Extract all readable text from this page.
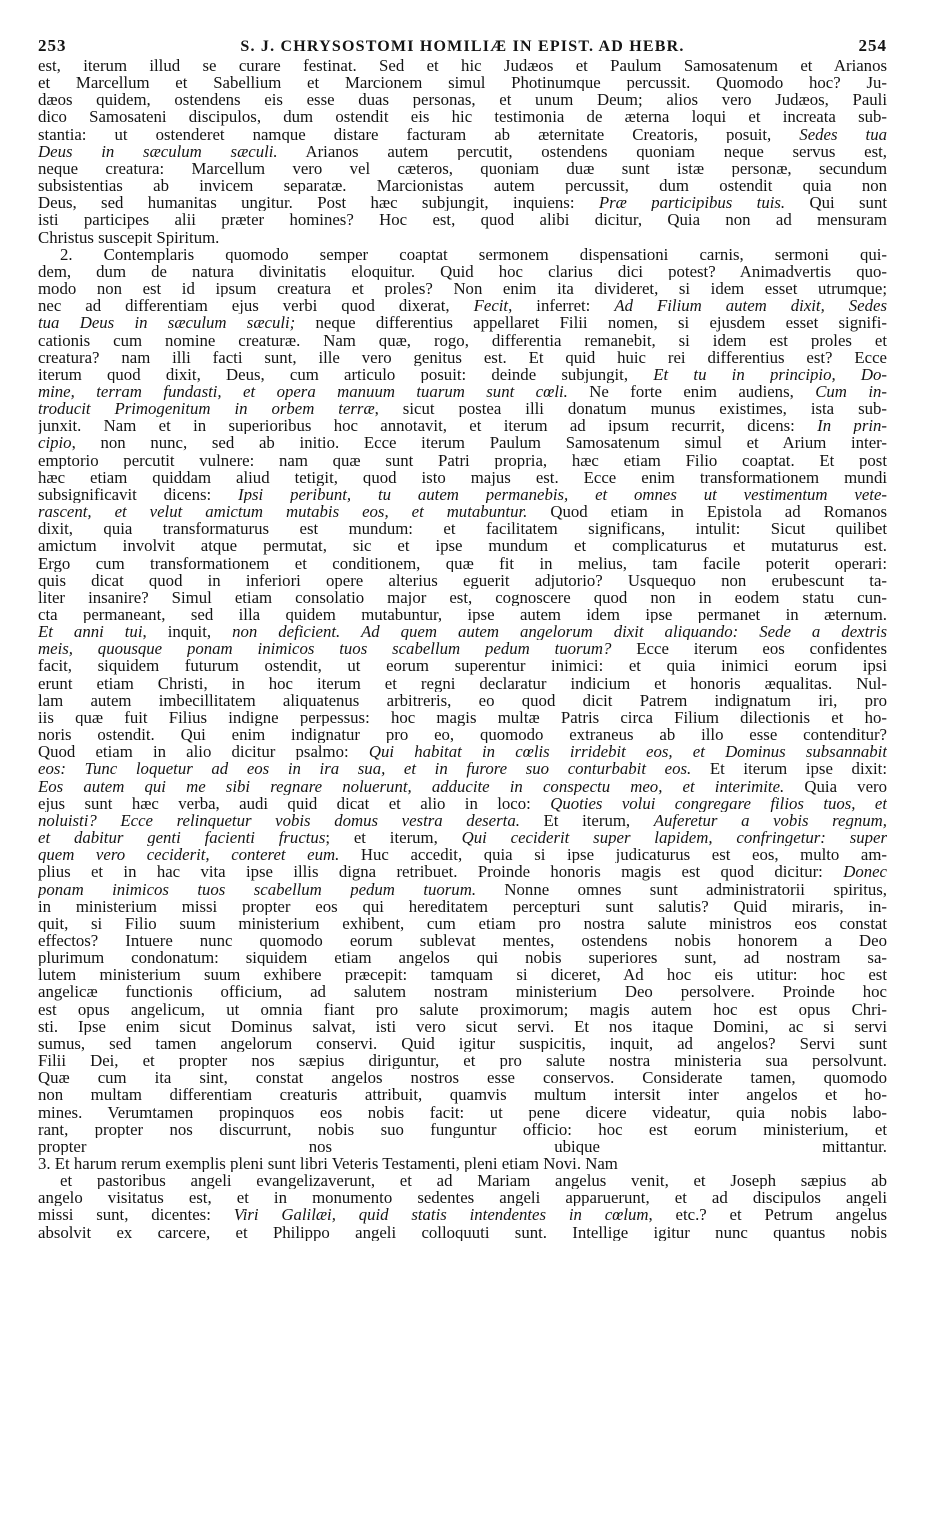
253	S. J. CHRYSOSTOMI HOMILIÆ IN EPIST. AD HEBR.	254
est, iterum illud se curare festinat. Sed et hic Judæos et Paulum Samosatenum et Arianos
et Marcellum et Sabellium et Marcionem simul Photinumque percussit. Quomodo hoc? Ju-
dæos quidem, ostendens eis esse duas personas, et unum Deum; alios vero Judæos, Pauli
dico Samosateni discipulos, dum ostendit eis hic testimonia de æterna loqui et increata sub-
stantia: ut ostenderet namque distare facturam ab æternitate Creatoris, posuit, Sedes tua
Deus in sæculum sæculi. Arianos autem percutit, ostendens quoniam neque servus est,
neque creatura: Marcellum vero vel cæteros, quoniam duæ sunt istæ personæ, secundum
subsistentias ab invicem separatæ. Marcionistas autem percussit, dum ostendit quia non
Deus, sed humanitas ungitur. Post hæc subjungit, inquiens: Præ participibus tuis. Qui sunt
isti participes alii præter homines? Hoc est, quod alibi dicitur, Quia non ad mensuram
Christus suscepit Spiritum.
2. Contemplaris quomodo semper coaptat sermonem dispensationi carnis, sermoni qui-
dem, dum de natura divinitatis eloquitur. Quid hoc clarius dici potest? Animadvertis quo-
modo non est id ipsum creatura et proles? Non enim ita divideret, si idem esset utrumque;
nec ad differentiam ejus verbi quod dixerat, Fecit, inferret: Ad Filium autem dixit, Sedes
tua Deus in sæculum sæculi; neque differentius appellaret Filii nomen, si ejusdem esset signifi-
cationis cum nomine creaturæ. Nam quæ, rogo, differentia remanebit, si idem est proles et
creatura? nam illi facti sunt, ille vero genitus est. Et quid huic rei differentius est? Ecce
iterum quod dixit, Deus, cum articulo posuit: deinde subjungit, Et tu in principio, Do-
mine, terram fundasti, et opera manuum tuarum sunt cœli. Ne forte enim audiens, Cum in-
troducit Primogenitum in orbem terræ, sicut postea illi donatum munus existimes, ista sub-
junxit. Nam et in superioribus hoc annotavit, et iterum ad ipsum recurrit, dicens: In prin-
cipio, non nunc, sed ab initio. Ecce iterum Paulum Samosatenum simul et Arium inter-
emptorio percutit vulnere: nam quæ sunt Patri propria, hæc etiam Filio coaptat. Et post
hæc etiam quiddam aliud tetigit, quod isto majus est. Ecce enim transformationem mundi
subsignificavit dicens: Ipsi peribunt, tu autem permanebis, et omnes ut vestimentum vete-
rascent, et velut amictum mutabis eos, et mutabuntur. Quod etiam in Epistola ad Romanos
dixit, quia transformaturus est mundum: et facilitatem significans, intulit: Sicut quilibet
amictum involvit atque permutat, sic et ipse mundum et complicaturus et mutaturus est.
Ergo cum transformationem et conditionem, quæ fit in melius, tam facile poterit operari:
quis dicat quod in inferiori opere alterius eguerit adjutorio? Usquequo non erubescunt ta-
liter insanire? Simul etiam consolatio major est, cognoscere quod non in eodem statu cun-
cta permaneant, sed illa quidem mutabuntur, ipse autem idem ipse permanet in æternum.
Et anni tui, inquit, non deficient. Ad quem autem angelorum dixit aliquando: Sede a dextris
meis, quousque ponam inimicos tuos scabellum pedum tuorum? Ecce iterum eos confidentes
facit, siquidem futurum ostendit, ut eorum superentur inimici: et quia inimici eorum ipsi
erunt etiam Christi, in hoc iterum et regni declaratur indicium et honoris æqualitas. Nul-
lam autem imbecillitatem aliquatenus arbitreris, eo quod dicit Patrem indignatum iri, pro
iis quæ fuit Filius indigne perpessus: hoc magis multæ Patris circa Filium dilectionis et ho-
noris ostendit. Qui enim indignatur pro eo, quomodo extraneus ab illo esse contenditur?
Quod etiam in alio dicitur psalmo: Qui habitat in cœlis irridebit eos, et Dominus subsannabit
eos: Tunc loquetur ad eos in ira sua, et in furore suo conturbabit eos. Et iterum ipse dixit:
Eos autem qui me sibi regnare noluerunt, adducite in conspectu meo, et interimite. Quia vero
ejus sunt hæc verba, audi quid dicat et alio in loco: Quoties volui congregare filios tuos, et
noluisti? Ecce relinquetur vobis domus vestra deserta. Et iterum, Auferetur a vobis regnum,
et dabitur genti facienti fructus; et iterum, Qui ceciderit super lapidem, confringetur: super
quem vero ceciderit, conteret eum. Huc accedit, quia si ipse judicaturus est eos, multo am-
plius et in hac vita ipse illis digna retribuet. Proinde honoris magis est quod dicitur: Donec
ponam inimicos tuos scabellum pedum tuorum. Nonne omnes sunt administratorii spiritus,
in ministerium missi propter eos qui hereditatem percepturi sunt salutis? Quid miraris, in-
quit, si Filio suum ministerium exhibent, cum etiam pro nostra salute ministros eos constat
effectos? Intuere nunc quomodo eorum sublevat mentes, ostendens nobis honorem a Deo
plurimum condonatum: siquidem etiam angelos qui nobis superiores sunt, ad nostram sa-
lutem ministerium suum exhibere præcepit: tamquam si diceret, Ad hoc eis utitur: hoc est
angelicæ functionis officium, ad salutem nostram ministerium Deo persolvere. Proinde hoc
est opus angelicum, ut omnia fiant pro salute proximorum; magis autem hoc est opus Chri-
sti. Ipse enim sicut Dominus salvat, isti vero sicut servi. Et nos itaque Domini, ac si servi
sumus, sed tamen angelorum conservi. Quid igitur suspicitis, inquit, ad angelos? Servi sunt
Filii Dei, et propter nos sæpius diriguntur, et pro salute nostra ministeria sua persolvunt.
Quæ cum ita sint, constat angelos nostros esse conservos. Considerate tamen, quomodo
non multam differentiam creaturis attribuit, quamvis multum intersit inter angelos et ho-
mines. Verumtamen propinquos eos nobis facit: ut pene dicere videatur, quia nobis labo-
rant, propter nos discurrunt, nobis suo funguntur officio: hoc est eorum ministerium, et
propter nos ubique mittantur.
3. Et harum rerum exemplis pleni sunt libri Veteris Testamenti, pleni etiam Novi. Nam
et pastoribus angeli evangelizaverunt, et ad Mariam angelus venit, et Joseph sæpius ab
angelo visitatus est, et in monumento sedentes angeli apparuerunt, et ad discipulos angeli
missi sunt, dicentes: Viri Galilæi, quid statis intendentes in cœlum, etc.? et Petrum angelus
absolvit ex carcere, et Philippo angeli colloquuti sunt. Intellige igitur nunc quantus nobis
